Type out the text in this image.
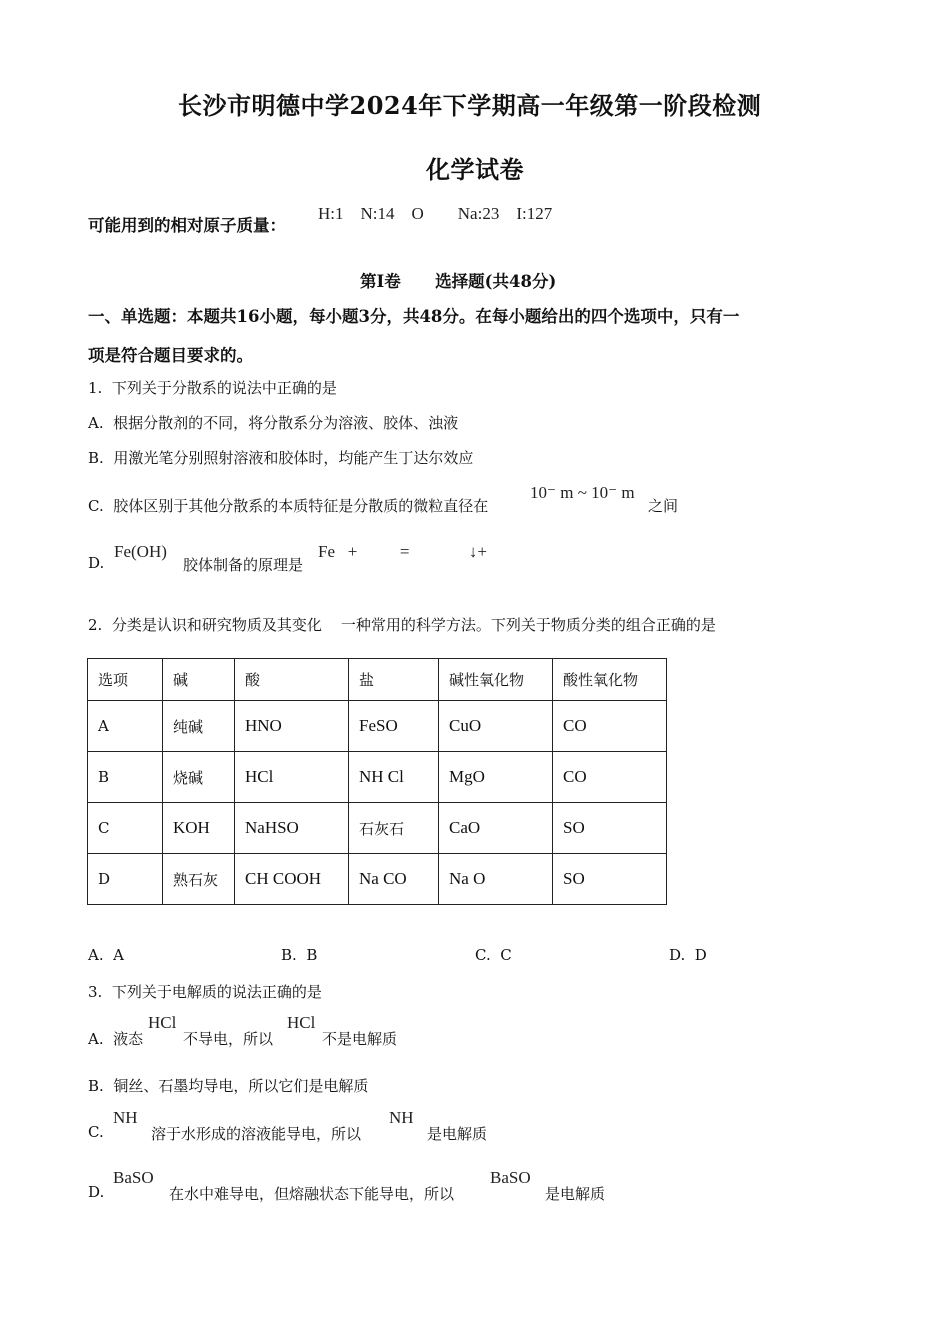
长沙市明德中学2024年下学期高一年级第一阶段检测
化学试卷
可能用到的相对原子质量：
H:1    N:14    O        Na:23    I:127
第I卷      选择题(共48分)
一、单选题：本题共16小题，每小题3分，共48分。在每小题给出的四个选项中，只有一
项是符合题目要求的。
1.  下列关于分散系的说法中正确的是
A.  根据分散剂的不同，将分散系分为溶液、胶体、浊液
B.  用激光笔分别照射溶液和胶体时，均能产生丁达尔效应
C.  胶体区别于其他分散系的本质特征是分散质的微粒直径在
10⁻ m ~ 10⁻ m
之间
D.
Fe(OH)
胶体制备的原理是
Fe   +          =              ↓+
2.  分类是认识和研究物质及其变化    一种常用的科学方法。下列关于物质分类的组合正确的是
选项	碱	酸	盐	碱性氧化物	酸性氧化物
A	纯碱	HNO	FeSO	CuO	CO
B	烧碱	HCl	NH Cl	MgO	CO
C	KOH	NaHSO	石灰石	CaO	SO
D	熟石灰	CH COOH	Na CO	Na O	SO
A.  A	B.  B	C.  C	D.  D
3.  下列关于电解质的说法正确的是
A.  液态
HCl
不导电，所以
HCl
不是电解质
B.  铜丝、石墨均导电，所以它们是电解质
C.
NH
溶于水形成的溶液能导电，所以
NH
是电解质
D.
BaSO
在水中难导电，但熔融状态下能导电，所以
BaSO
是电解质
